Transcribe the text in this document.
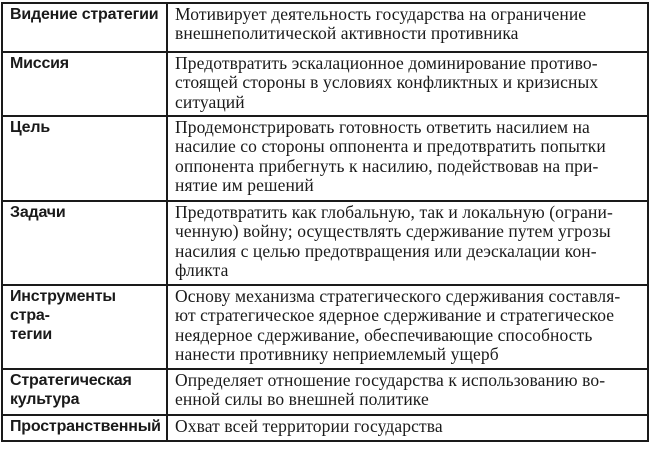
Видение стратегии	Мотивирует деятельность государства на ограничение
внешнеполитической активности противника
Миссия	Предотвратить эскалационное доминирование противо-
стоящей стороны в условиях конфликтных и кризисных
ситуаций
Цель	Продемонстрировать готовность ответить насилием на
насилие со стороны оппонента и предотвратить попытки
оппонента прибегнуть к насилию, подействовав на при-
нятие им решений
Задачи	Предотвратить как глобальную, так и локальную (ограни-
ченную) войну; осуществлять сдерживание путем угрозы
насилия с целью предотвращения или деэскалации кон-
фликта
Инструменты стра-
тегии	Основу механизма стратегического сдерживания составля-
ют стратегическое ядерное сдерживание и стратегическое
неядерное сдерживание, обеспечивающие способность
нанести противнику неприемлемый ущерб
Стратегическая
культура	Определяет отношение государства к использованию во-
енной силы во внешней политике
Пространственный	Охват всей территории государства
